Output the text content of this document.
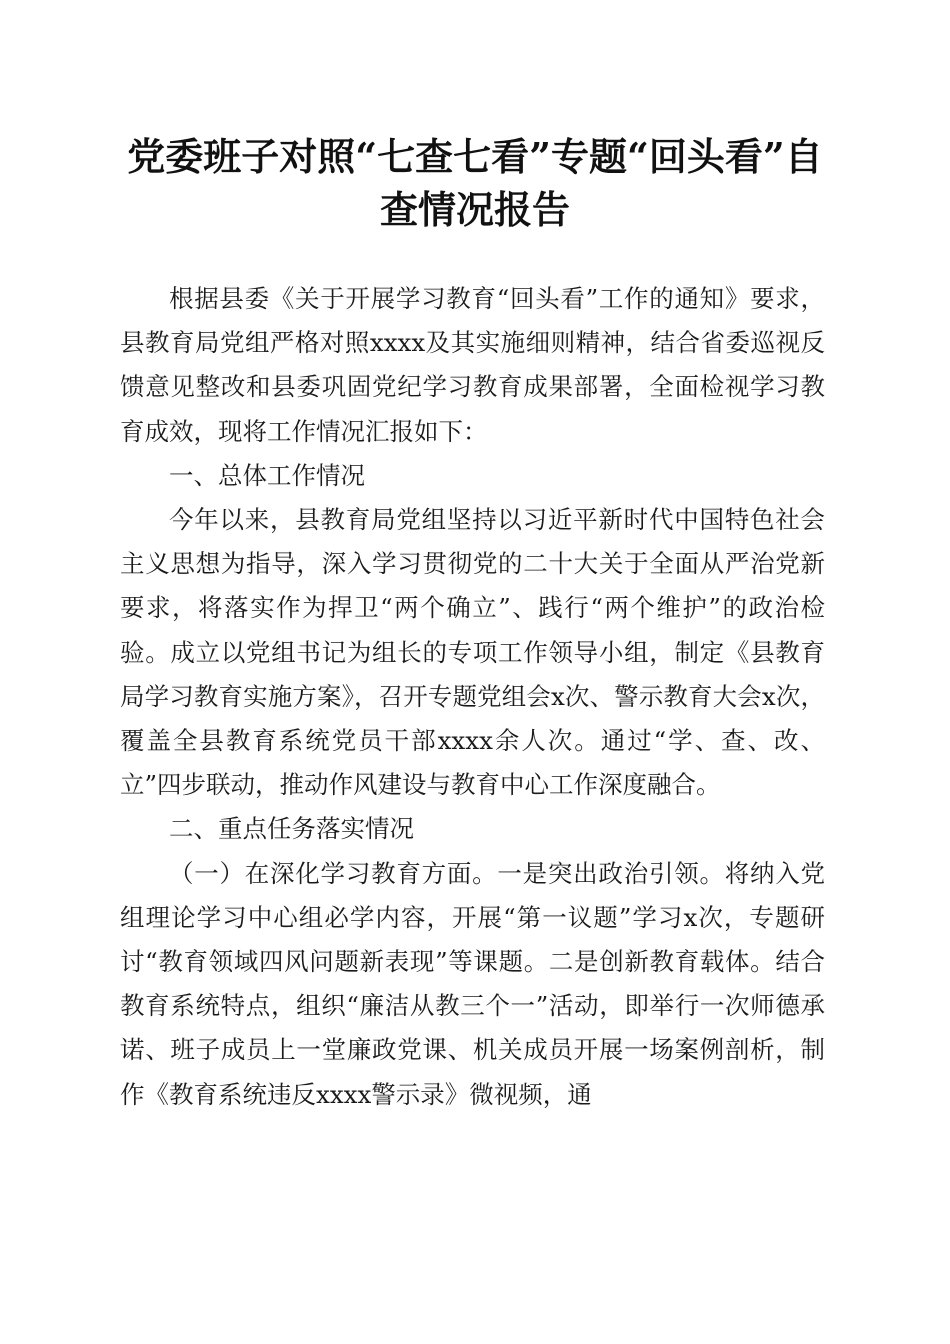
党委班子对照“七查七看”专题“回头看”自查情况报告

根据县委《关于开展学习教育“回头看”工作的通知》要求，县教育局党组严格对照xxxx及其实施细则精神，结合省委巡视反馈意见整改和县委巩固党纪学习教育成果部署，全面检视学习教育成效，现将工作情况汇报如下：

一、总体工作情况

今年以来，县教育局党组坚持以习近平新时代中国特色社会主义思想为指导，深入学习贯彻党的二十大关于全面从严治党新要求，将落实作为捍卫“两个确立”、践行“两个维护”的政治检验。成立以党组书记为组长的专项工作领导小组，制定《县教育局学习教育实施方案》，召开专题党组会x次、警示教育大会x次，覆盖全县教育系统党员干部xxxx余人次。通过“学、查、改、立”四步联动，推动作风建设与教育中心工作深度融合。

二、重点任务落实情况

（一）在深化学习教育方面。一是突出政治引领。将纳入党组理论学习中心组必学内容，开展“第一议题”学习x次，专题研讨“教育领域四风问题新表现”等课题。二是创新教育载体。结合教育系统特点，组织“廉洁从教三个一”活动，即举行一次师德承诺、班子成员上一堂廉政党课、机关成员开展一场案例剖析，制作《教育系统违反xxxx警示录》微视频，通
